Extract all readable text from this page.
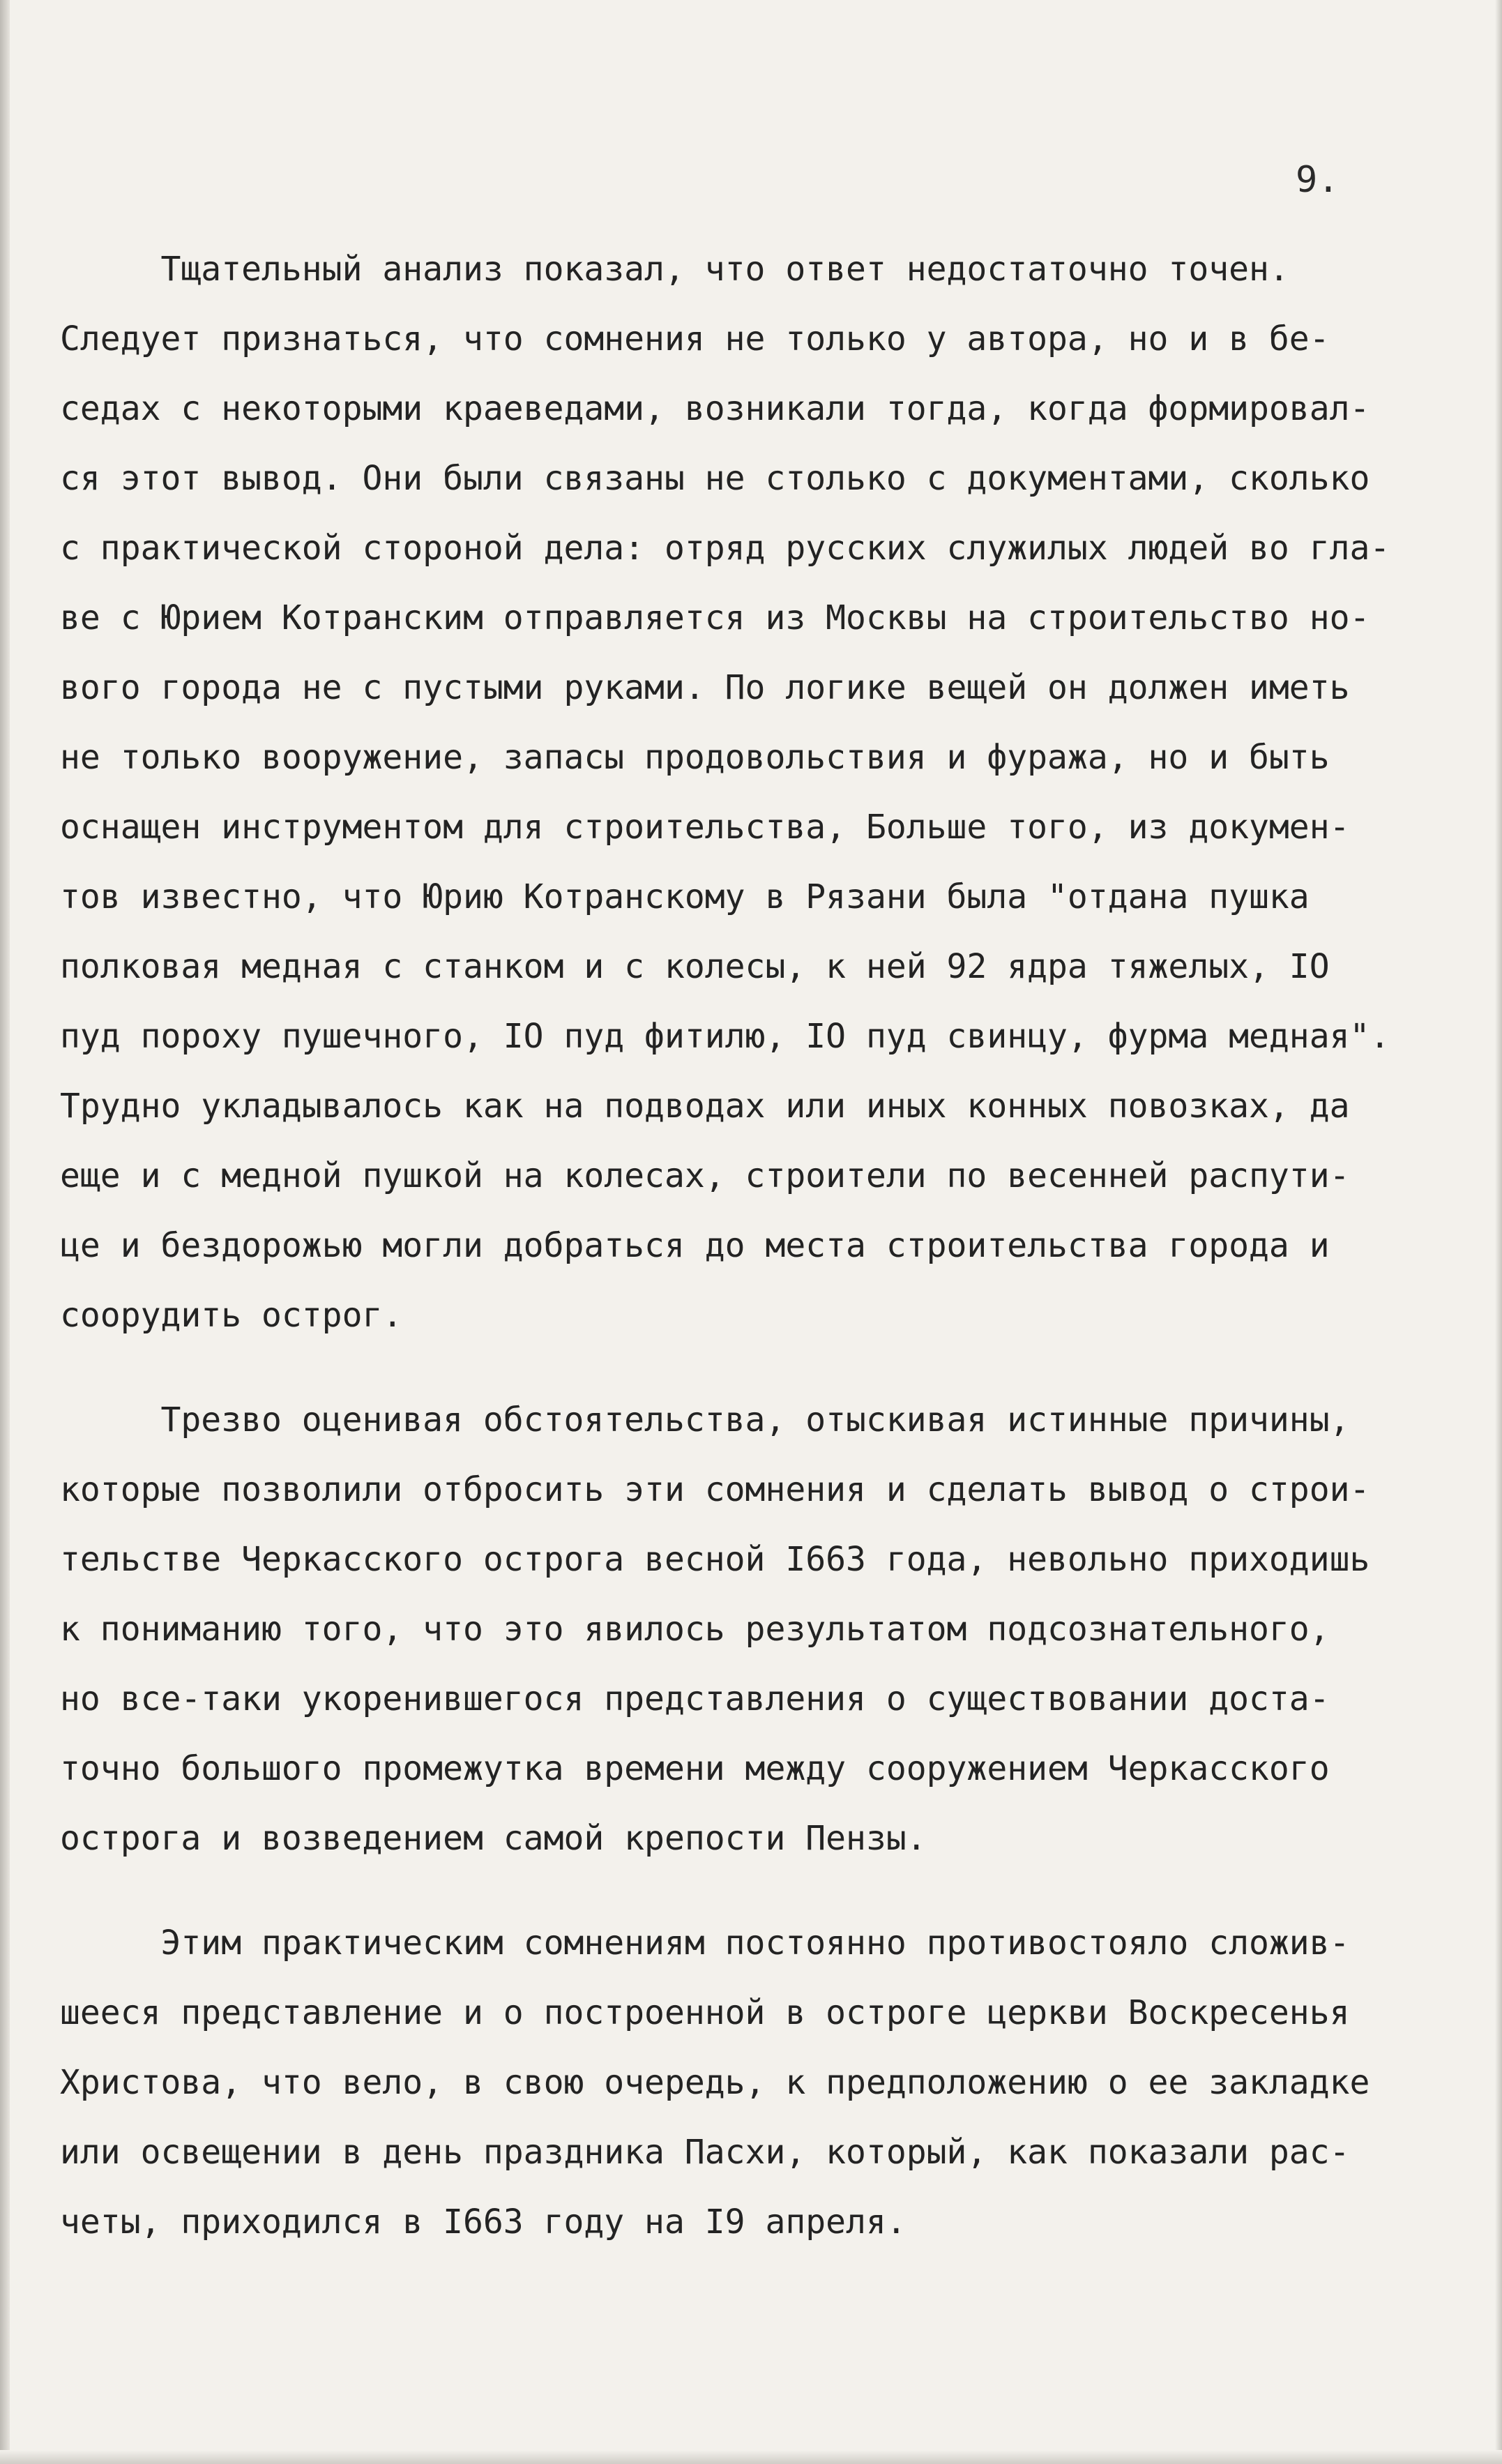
9.
Тщательный анализ показал, что ответ недостаточно точен.
Следует признаться, что сомнения не только у автора, но и в бе-
седах с некоторыми краеведами, возникали тогда, когда формировал-
ся этот вывод. Они были связаны не столько с документами, сколько
с практической стороной дела: отряд русских служилых людей во гла-
ве с Юрием Котранским отправляется из Москвы на строительство но-
вого города не с пустыми руками. По логике вещей он должен иметь
не только вооружение, запасы продовольствия и фуража, но и быть
оснащен инструментом для строительства, Больше того, из докумен-
тов известно, что Юрию Котранскому в Рязани была "отдана пушка
полковая медная с станком и с колесы, к ней 92 ядра тяжелых, IO
пуд пороху пушечного, IO пуд фитилю, IO пуд свинцу, фурма медная".
Трудно укладывалось как на подводах или иных конных повозках, да
еще и с медной пушкой на колесах, строители по весенней распути-
це и бездорожью могли добраться до места строительства города и
соорудить острог.
Трезво оценивая обстоятельства, отыскивая истинные причины,
которые позволили отбросить эти сомнения и сделать вывод о строи-
тельстве Черкасского острога весной I663 года, невольно приходишь
к пониманию того, что это явилось результатом подсознательного,
но все-таки укоренившегося представления о существовании доста-
точно большого промежутка времени между сооружением Черкасского
острога и возведением самой крепости Пензы.
Этим практическим сомнениям постоянно противостояло сложив-
шееся представление и о построенной в остроге церкви Воскресенья
Христова, что вело, в свою очередь, к предположению о ее закладке
или освещении в день праздника Пасхи, который, как показали рас-
четы, приходился в I663 году на I9 апреля.
